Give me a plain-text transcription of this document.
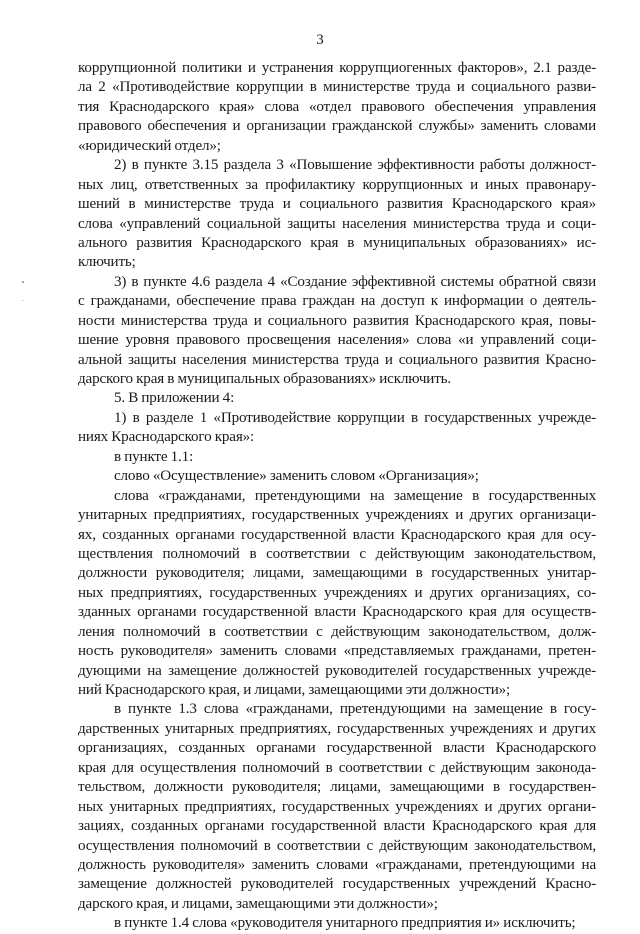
3
коррупционной политики и устранения коррупциогенных факторов», 2.1 разде-
ла 2 «Противодействие коррупции в министерстве труда и социального разви-
тия Краснодарского края» слова «отдел правового обеспечения управления
правового обеспечения и организации гражданской службы» заменить словами
«юридический отдел»;
2) в пункте 3.15 раздела 3 «Повышение эффективности работы должност-
ных лиц, ответственных за профилактику коррупционных и иных правонару-
шений в министерстве труда и социального развития Краснодарского края»
слова «управлений социальной защиты населения министерства труда и соци-
ального развития Краснодарского края в муниципальных образованиях» ис-
ключить;
3) в пункте 4.6 раздела 4 «Создание эффективной системы обратной связи
с гражданами, обеспечение права граждан на доступ к информации о деятель-
ности министерства труда и социального развития Краснодарского края, повы-
шение уровня правового просвещения населения» слова «и управлений соци-
альной защиты населения министерства труда и социального развития Красно-
дарского края в муниципальных образованиях» исключить.
5. В приложении 4:
1) в разделе 1 «Противодействие коррупции в государственных учрежде-
ниях Краснодарского края»:
в пункте 1.1:
слово «Осуществление» заменить словом «Организация»;
слова «гражданами, претендующими на замещение в государственных
унитарных предприятиях, государственных учреждениях и других организаци-
ях, созданных органами государственной власти Краснодарского края для осу-
ществления полномочий в соответствии с действующим законодательством,
должности руководителя; лицами, замещающими в государственных унитар-
ных предприятиях, государственных учреждениях и других организациях, со-
зданных органами государственной власти Краснодарского края для осуществ-
ления полномочий в соответствии с действующим законодательством, долж-
ность руководителя» заменить словами «представляемых гражданами, претен-
дующими на замещение должностей руководителей государственных учрежде-
ний Краснодарского края, и лицами, замещающими эти должности»;
в пункте 1.3 слова «гражданами, претендующими на замещение в госу-
дарственных унитарных предприятиях, государственных учреждениях и других
организациях, созданных органами государственной власти Краснодарского
края для осуществления полномочий в соответствии с действующим законода-
тельством, должности руководителя; лицами, замещающими в государствен-
ных унитарных предприятиях, государственных учреждениях и других органи-
зациях, созданных органами государственной власти Краснодарского края для
осуществления полномочий в соответствии с действующим законодательством,
должность руководителя» заменить словами «гражданами, претендующими на
замещение должностей руководителей государственных учреждений Красно-
дарского края, и лицами, замещающими эти должности»;
в пункте 1.4 слова «руководителя унитарного предприятия и» исключить;
